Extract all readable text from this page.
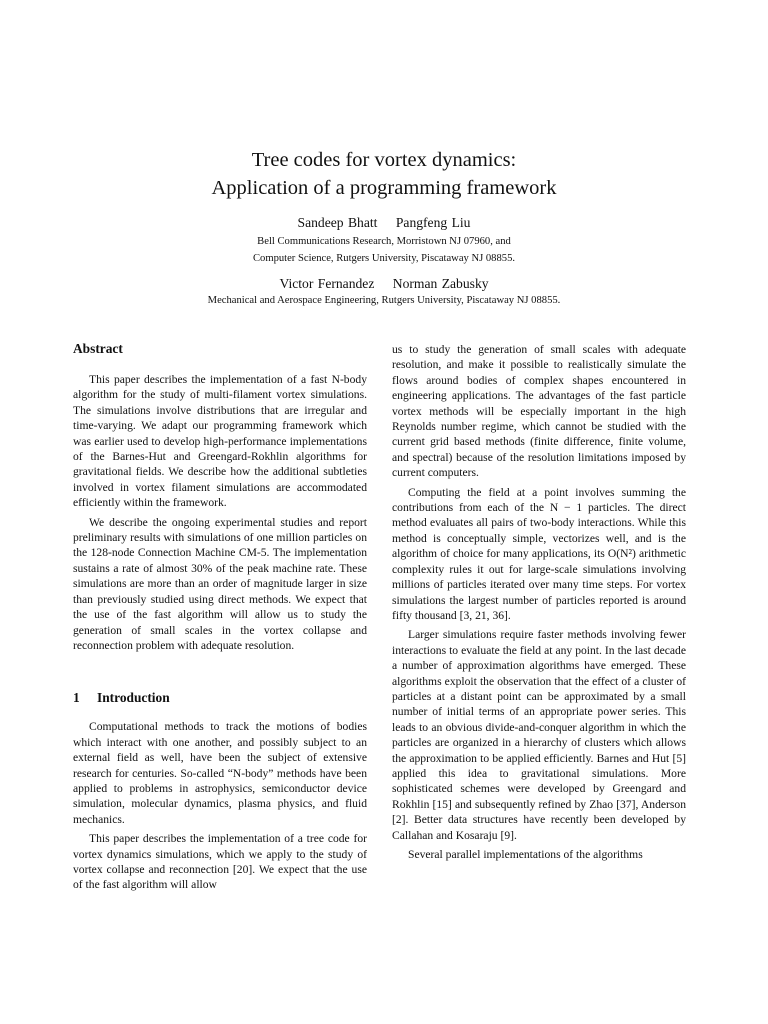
Tree codes for vortex dynamics:
Application of a programming framework
Sandeep Bhatt Pangfeng Liu
Bell Communications Research, Morristown NJ 07960, and
Computer Science, Rutgers University, Piscataway NJ 08855.
Victor Fernandez Norman Zabusky
Mechanical and Aerospace Engineering, Rutgers University, Piscataway NJ 08855.
Abstract

This paper describes the implementation of a fast N-body algorithm for the study of multi-filament vortex simulations. The simulations involve distributions that are irregular and time-varying. We adapt our programming framework which was earlier used to develop high-performance implementations of the Barnes-Hut and Greengard-Rokhlin algorithms for gravitational fields. We describe how the additional subtleties involved in vortex filament simulations are accommodated efficiently within the framework.

We describe the ongoing experimental studies and report preliminary results with simulations of one million particles on the 128-node Connection Machine CM-5. The implementation sustains a rate of almost 30% of the peak machine rate. These simulations are more than an order of magnitude larger in size than previously studied using direct methods. We expect that the use of the fast algorithm will allow us to study the generation of small scales in the vortex collapse and reconnection problem with adequate resolution.

1 Introduction

Computational methods to track the motions of bodies which interact with one another, and possibly subject to an external field as well, have been the subject of extensive research for centuries. So-called “N-body” methods have been applied to problems in astrophysics, semiconductor device simulation, molecular dynamics, plasma physics, and fluid mechanics.

This paper describes the implementation of a tree code for vortex dynamics simulations, which we apply to the study of vortex collapse and reconnection [20]. We expect that the use of the fast algorithm will allow

us to study the generation of small scales with adequate resolution, and make it possible to realistically simulate the flows around bodies of complex shapes encountered in engineering applications. The advantages of the fast particle vortex methods will be especially important in the high Reynolds number regime, which cannot be studied with the current grid based methods (finite difference, finite volume, and spectral) because of the resolution limitations imposed by current computers.

Computing the field at a point involves summing the contributions from each of the N − 1 particles. The direct method evaluates all pairs of two-body interactions. While this method is conceptually simple, vectorizes well, and is the algorithm of choice for many applications, its O(N²) arithmetic complexity rules it out for large-scale simulations involving millions of particles iterated over many time steps. For vortex simulations the largest number of particles reported is around fifty thousand [3, 21, 36].

Larger simulations require faster methods involving fewer interactions to evaluate the field at any point. In the last decade a number of approximation algorithms have emerged. These algorithms exploit the observation that the effect of a cluster of particles at a distant point can be approximated by a small number of initial terms of an appropriate power series. This leads to an obvious divide-and-conquer algorithm in which the particles are organized in a hierarchy of clusters which allows the approximation to be applied efficiently. Barnes and Hut [5] applied this idea to gravitational simulations. More sophisticated schemes were developed by Greengard and Rokhlin [15] and subsequently refined by Zhao [37], Anderson [2]. Better data structures have recently been developed by Callahan and Kosaraju [9].

Several parallel implementations of the algorithms
